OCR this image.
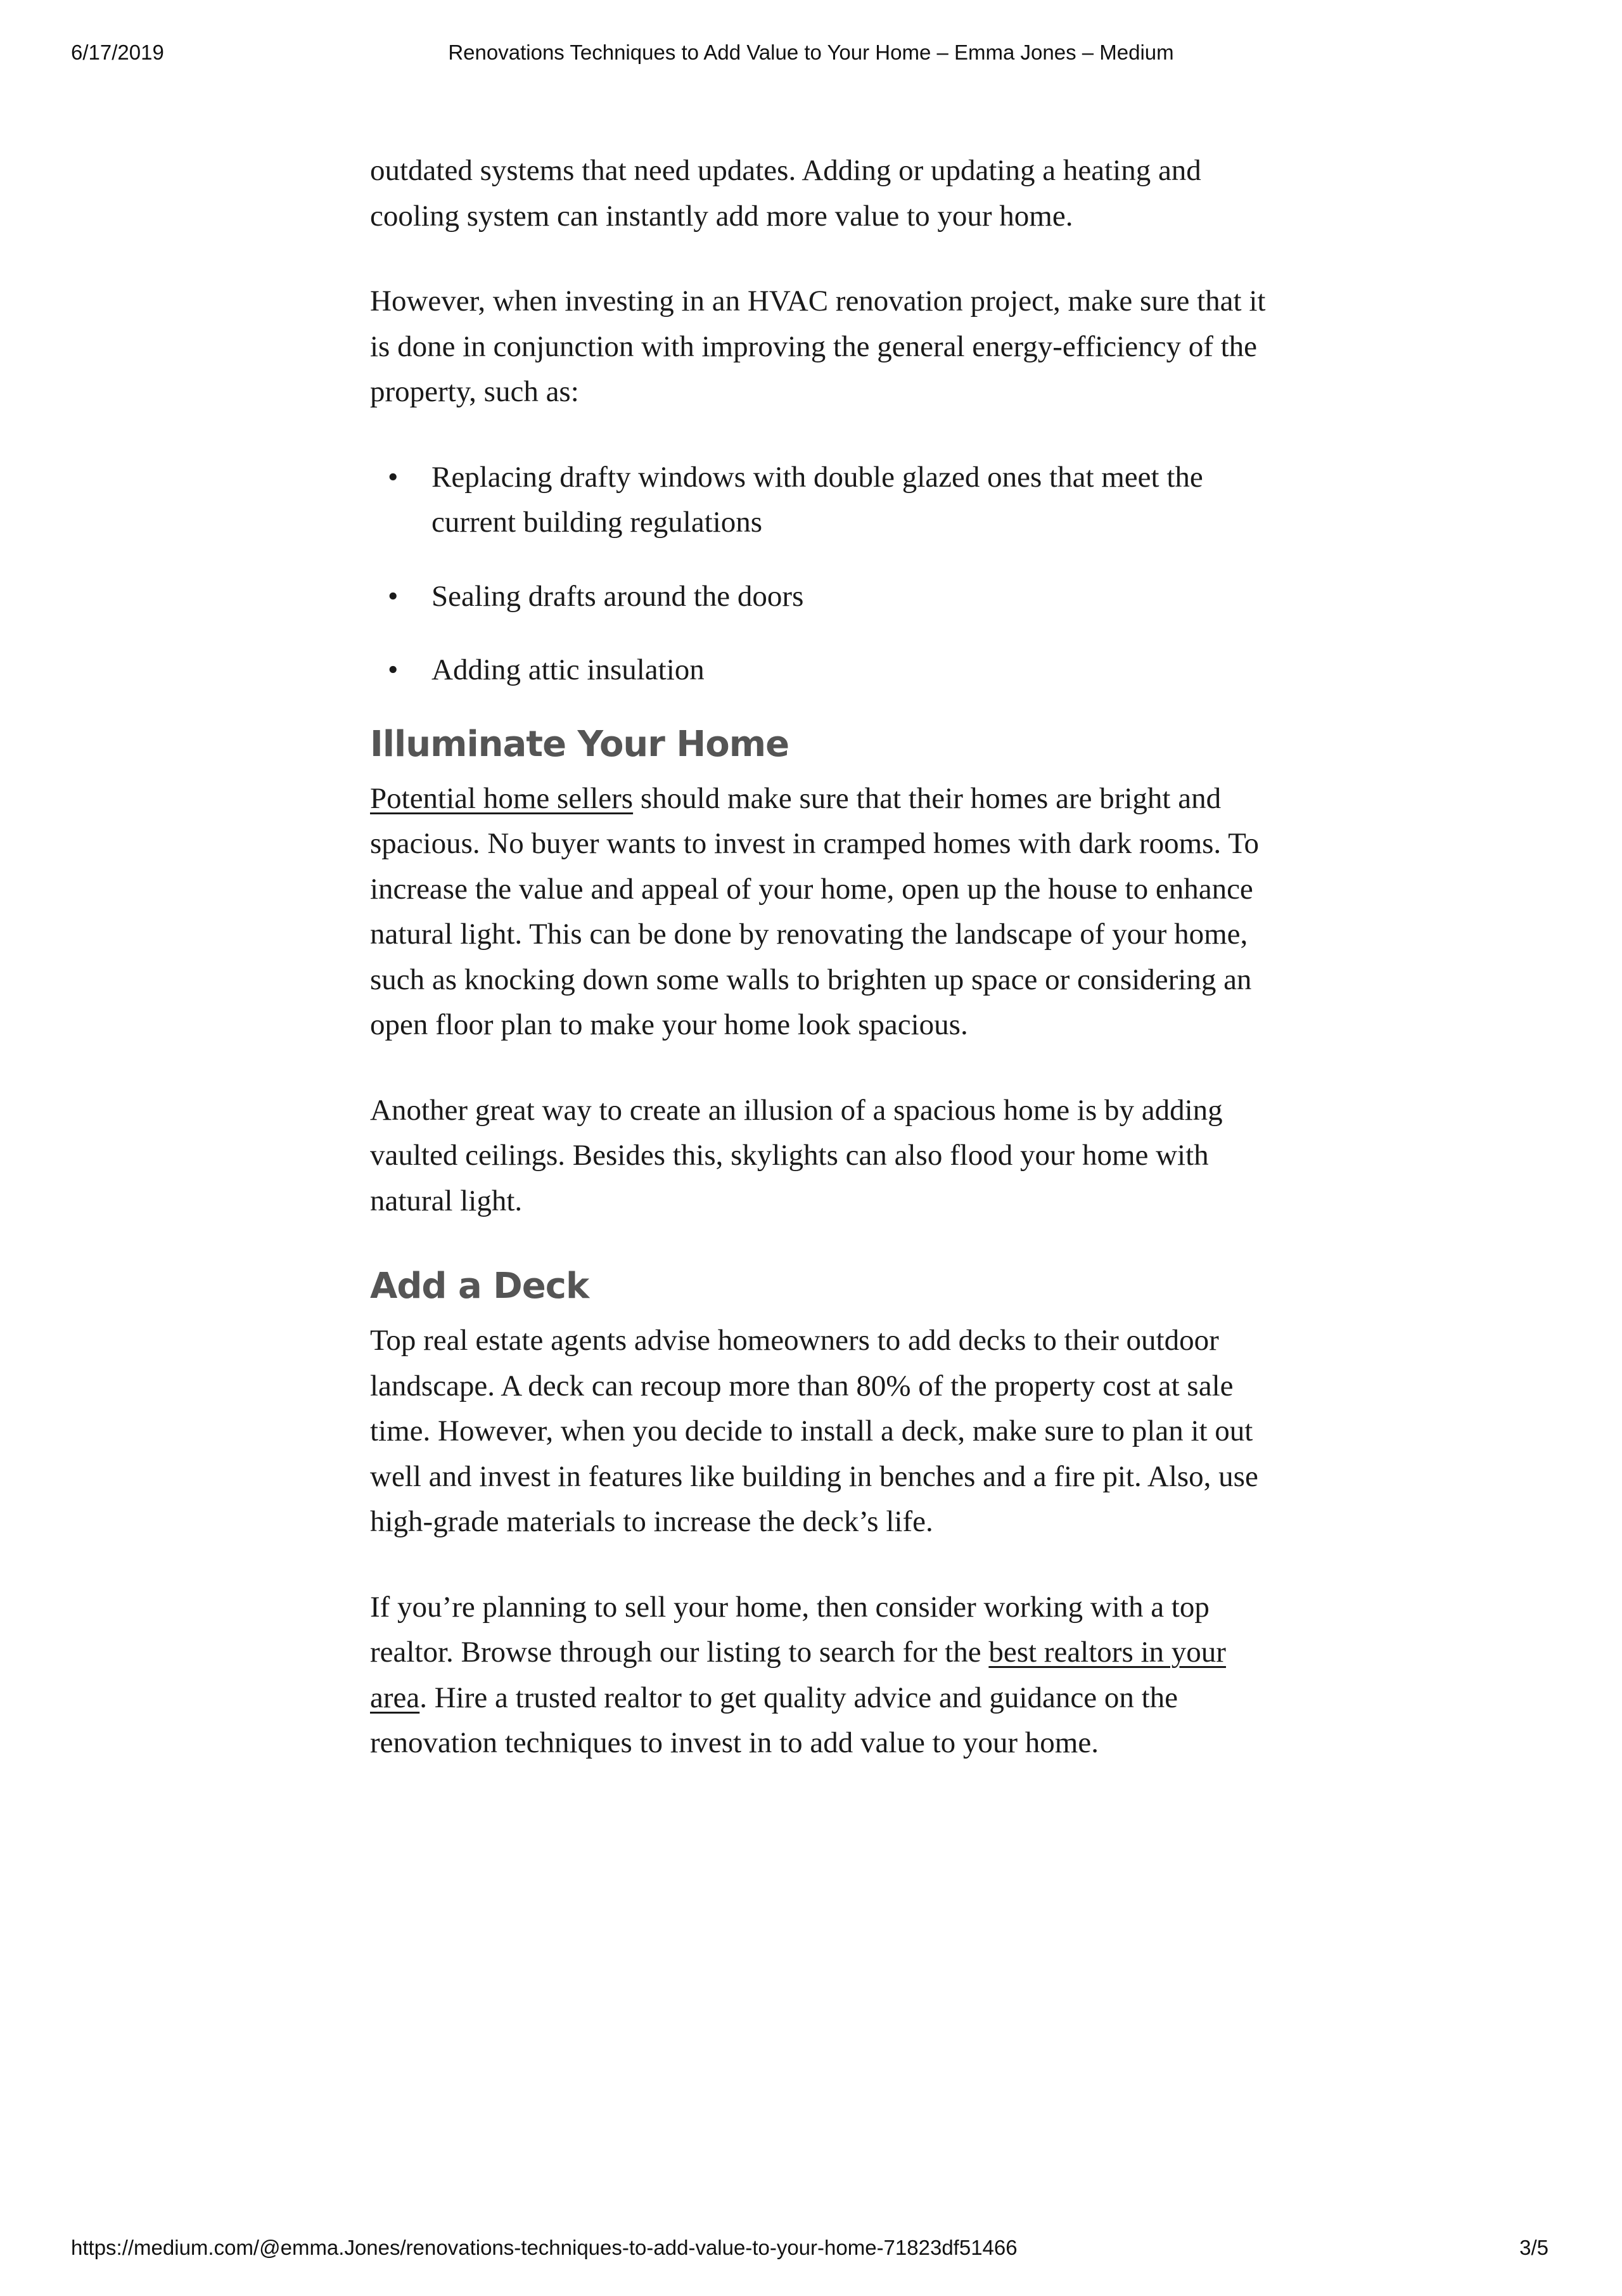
6/17/2019	Renovations Techniques to Add Value to Your Home – Emma Jones – Medium

outdated systems that need updates. Adding or updating a heating and cooling system can instantly add more value to your home.

However, when investing in an HVAC renovation project, make sure that it is done in conjunction with improving the general energy-efficiency of the property, such as:

• Replacing drafty windows with double glazed ones that meet the current building regulations
• Sealing drafts around the doors
• Adding attic insulation
Illuminate Your Home

Potential home sellers should make sure that their homes are bright and spacious. No buyer wants to invest in cramped homes with dark rooms. To increase the value and appeal of your home, open up the house to enhance natural light. This can be done by renovating the landscape of your home, such as knocking down some walls to brighten up space or considering an open floor plan to make your home look spacious.

Another great way to create an illusion of a spacious home is by adding vaulted ceilings. Besides this, skylights can also flood your home with natural light.

Add a Deck

Top real estate agents advise homeowners to add decks to their outdoor landscape. A deck can recoup more than 80% of the property cost at sale time. However, when you decide to install a deck, make sure to plan it out well and invest in features like building in benches and a fire pit. Also, use high-grade materials to increase the deck’s life.

If you’re planning to sell your home, then consider working with a top realtor. Browse through our listing to search for the best realtors in your area. Hire a trusted realtor to get quality advice and guidance on the renovation techniques to invest in to add value to your home.

https://medium.com/@emma.Jones/renovations-techniques-to-add-value-to-your-home-71823df51466	3/5
